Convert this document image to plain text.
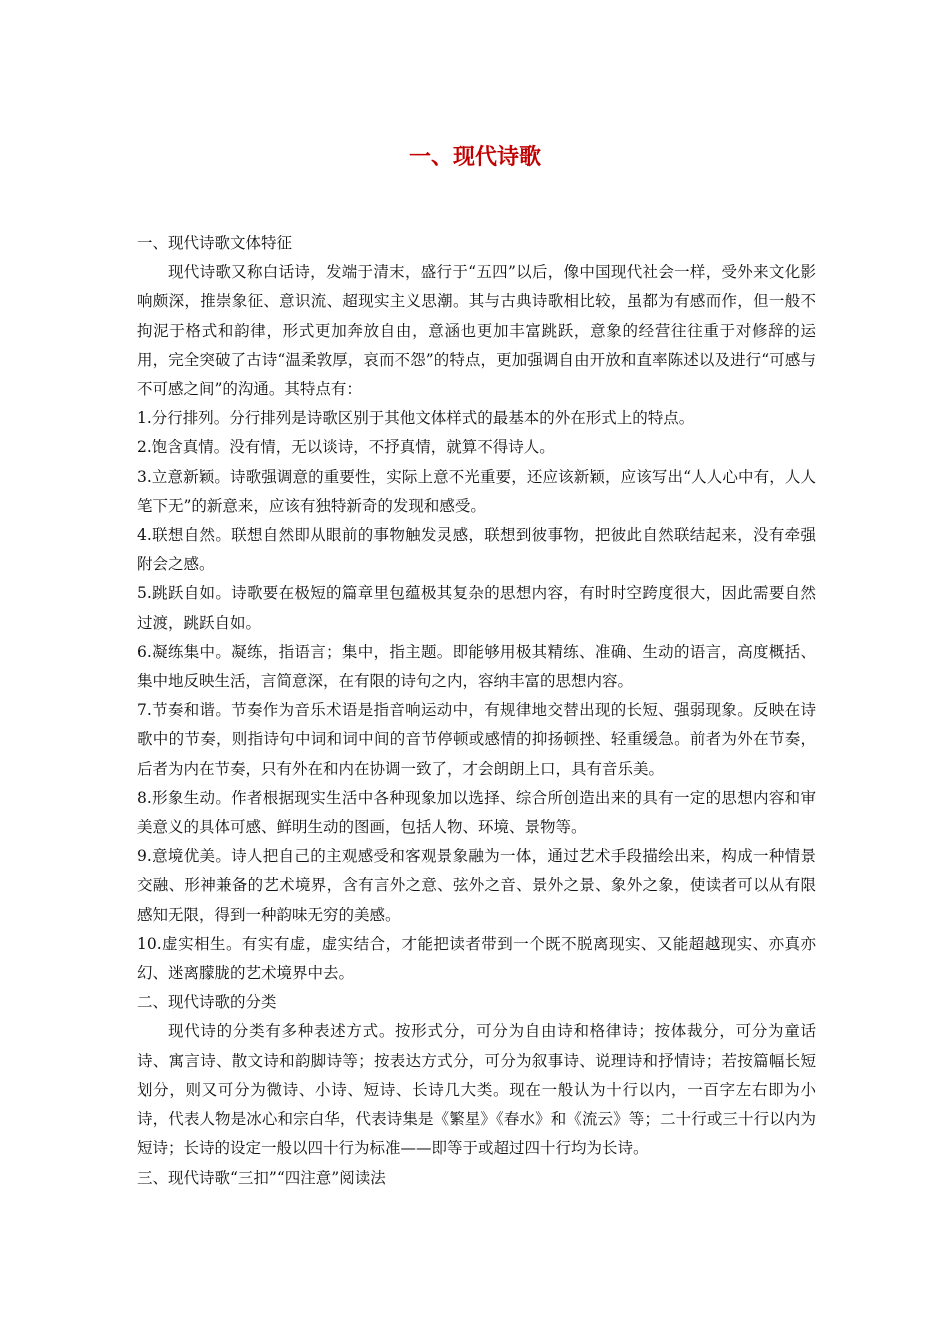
一、现代诗歌

一、现代诗歌文体特征

现代诗歌又称白话诗，发端于清末，盛行于“五四”以后，像中国现代社会一样，受外来文化影响颇深，推崇象征、意识流、超现实主义思潮。其与古典诗歌相比较，虽都为有感而作，但一般不拘泥于格式和韵律，形式更加奔放自由，意涵也更加丰富跳跃，意象的经营往往重于对修辞的运用，完全突破了古诗“温柔敦厚，哀而不怨”的特点，更加强调自由开放和直率陈述以及进行“可感与不可感之间”的沟通。其特点有：

1.分行排列。分行排列是诗歌区别于其他文体样式的最基本的外在形式上的特点。

2.饱含真情。没有情，无以谈诗，不抒真情，就算不得诗人。

3.立意新颖。诗歌强调意的重要性，实际上意不光重要，还应该新颖，应该写出“人人心中有，人人笔下无”的新意来，应该有独特新奇的发现和感受。

4.联想自然。联想自然即从眼前的事物触发灵感，联想到彼事物，把彼此自然联结起来，没有牵强附会之感。

5.跳跃自如。诗歌要在极短的篇章里包蕴极其复杂的思想内容，有时时空跨度很大，因此需要自然过渡，跳跃自如。

6.凝练集中。凝练，指语言；集中，指主题。即能够用极其精练、准确、生动的语言，高度概括、集中地反映生活，言简意深，在有限的诗句之内，容纳丰富的思想内容。

7.节奏和谐。节奏作为音乐术语是指音响运动中，有规律地交替出现的长短、强弱现象。反映在诗歌中的节奏，则指诗句中词和词中间的音节停顿或感情的抑扬顿挫、轻重缓急。前者为外在节奏，后者为内在节奏，只有外在和内在协调一致了，才会朗朗上口，具有音乐美。

8.形象生动。作者根据现实生活中各种现象加以选择、综合所创造出来的具有一定的思想内容和审美意义的具体可感、鲜明生动的图画，包括人物、环境、景物等。

9.意境优美。诗人把自己的主观感受和客观景象融为一体，通过艺术手段描绘出来，构成一种情景交融、形神兼备的艺术境界，含有言外之意、弦外之音、景外之景、象外之象，使读者可以从有限感知无限，得到一种韵味无穷的美感。

10.虚实相生。有实有虚，虚实结合，才能把读者带到一个既不脱离现实、又能超越现实、亦真亦幻、迷离朦胧的艺术境界中去。

二、现代诗歌的分类

现代诗的分类有多种表述方式。按形式分，可分为自由诗和格律诗；按体裁分，可分为童话诗、寓言诗、散文诗和韵脚诗等；按表达方式分，可分为叙事诗、说理诗和抒情诗；若按篇幅长短划分，则又可分为微诗、小诗、短诗、长诗几大类。现在一般认为十行以内，一百字左右即为小诗，代表人物是冰心和宗白华，代表诗集是《繁星》《春水》和《流云》等；二十行或三十行以内为短诗；长诗的设定一般以四十行为标准——即等于或超过四十行均为长诗。

三、现代诗歌“三扣”“四注意”阅读法
